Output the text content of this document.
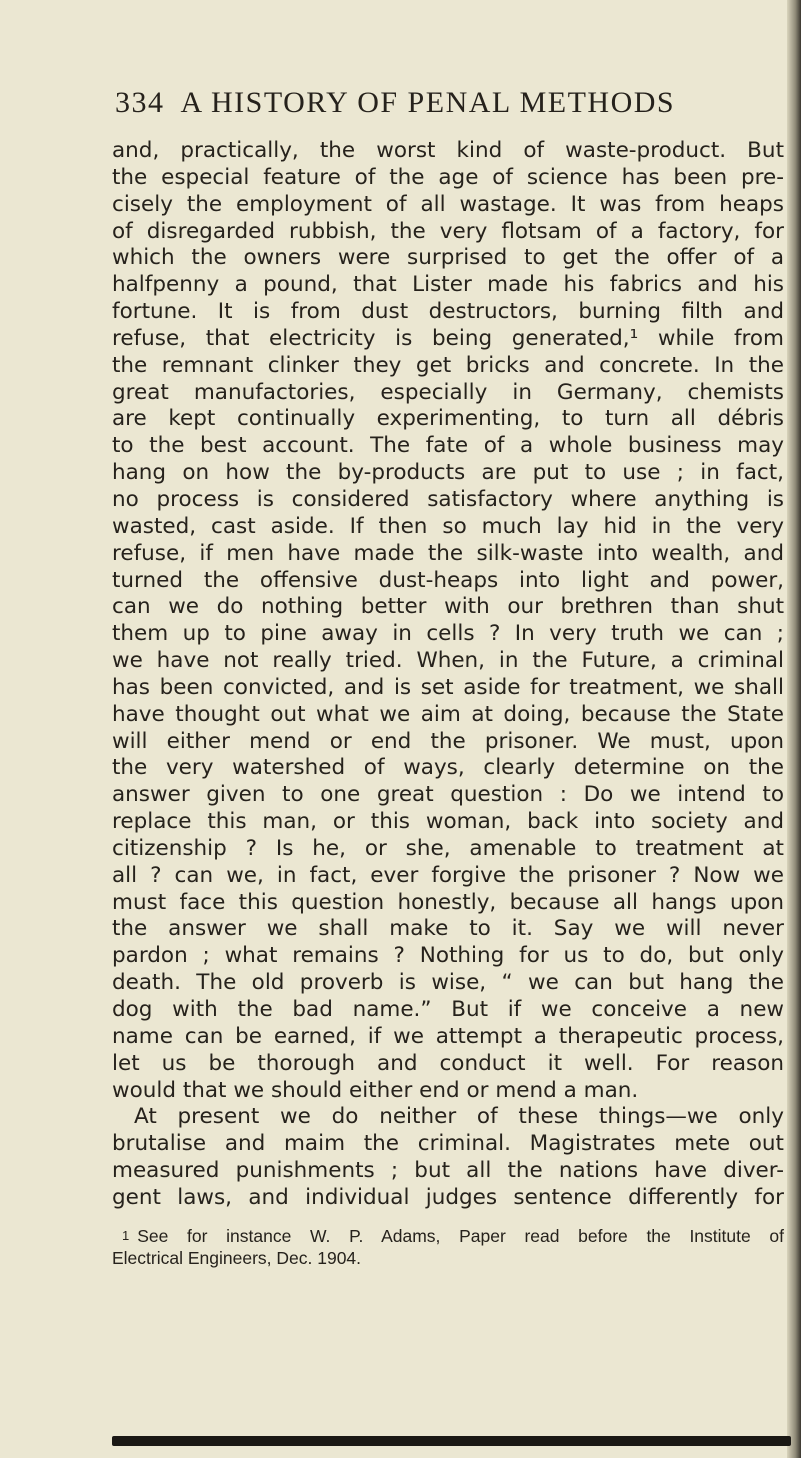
334 A HISTORY OF PENAL METHODS
and, practically, the worst kind of waste-product. But
the especial feature of the age of science has been pre-
cisely the employment of all wastage. It was from heaps
of disregarded rubbish, the very flotsam of a factory, for
which the owners were surprised to get the offer of a
halfpenny a pound, that Lister made his fabrics and his
fortune. It is from dust destructors, burning filth and
refuse, that electricity is being generated,¹ while from
the remnant clinker they get bricks and concrete. In the
great manufactories, especially in Germany, chemists
are kept continually experimenting, to turn all débris
to the best account. The fate of a whole business may
hang on how the by-products are put to use ; in fact,
no process is considered satisfactory where anything is
wasted, cast aside. If then so much lay hid in the very
refuse, if men have made the silk-waste into wealth, and
turned the offensive dust-heaps into light and power,
can we do nothing better with our brethren than shut
them up to pine away in cells ? In very truth we can ;
we have not really tried. When, in the Future, a criminal
has been convicted, and is set aside for treatment, we shall
have thought out what we aim at doing, because the State
will either mend or end the prisoner. We must, upon
the very watershed of ways, clearly determine on the
answer given to one great question : Do we intend to
replace this man, or this woman, back into society and
citizenship ? Is he, or she, amenable to treatment at
all ? can we, in fact, ever forgive the prisoner ? Now we
must face this question honestly, because all hangs upon
the answer we shall make to it. Say we will never
pardon ; what remains ? Nothing for us to do, but only
death. The old proverb is wise, “ we can but hang the
dog with the bad name.” But if we conceive a new
name can be earned, if we attempt a therapeutic process,
let us be thorough and conduct it well. For reason
would that we should either end or mend a man.
At present we do neither of these things—we only
brutalise and maim the criminal. Magistrates mete out
measured punishments ; but all the nations have diver-
gent laws, and individual judges sentence differently for
1 See for instance W. P. Adams, Paper read before the Institute of
Electrical Engineers, Dec. 1904.
